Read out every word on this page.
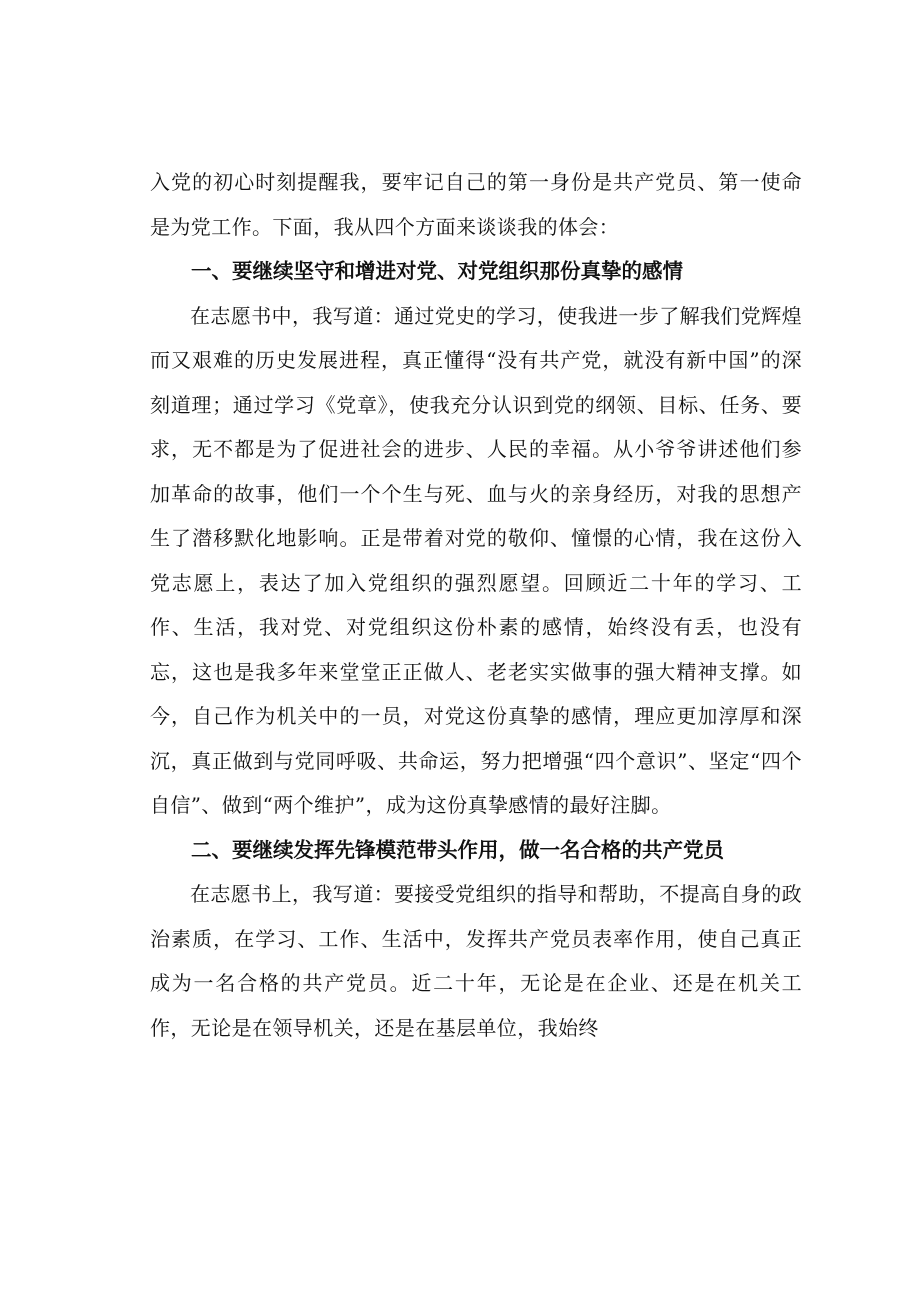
入党的初心时刻提醒我，要牢记自己的第一身份是共产党员、第一使命是为党工作。下面，我从四个方面来谈谈我的体会：

一、要继续坚守和增进对党、对党组织那份真挚的感情

在志愿书中，我写道：通过党史的学习，使我进一步了解我们党辉煌而又艰难的历史发展进程，真正懂得“没有共产党，就没有新中国”的深刻道理；通过学习《党章》，使我充分认识到党的纲领、目标、任务、要求，无不都是为了促进社会的进步、人民的幸福。从小爷爷讲述他们参加革命的故事，他们一个个生与死、血与火的亲身经历，对我的思想产生了潜移默化地影响。正是带着对党的敬仰、憧憬的心情，我在这份入党志愿上，表达了加入党组织的强烈愿望。回顾近二十年的学习、工作、生活，我对党、对党组织这份朴素的感情，始终没有丢，也没有忘，这也是我多年来堂堂正正做人、老老实实做事的强大精神支撑。如今，自己作为机关中的一员，对党这份真挚的感情，理应更加淳厚和深沉，真正做到与党同呼吸、共命运，努力把增强“四个意识”、坚定“四个自信”、做到“两个维护”，成为这份真挚感情的最好注脚。

二、要继续发挥先锋模范带头作用，做一名合格的共产党员

在志愿书上，我写道：要接受党组织的指导和帮助，不提高自身的政治素质，在学习、工作、生活中，发挥共产党员表率作用，使自己真正成为一名合格的共产党员。近二十年，无论是在企业、还是在机关工作，无论是在领导机关，还是在基层单位，我始终
